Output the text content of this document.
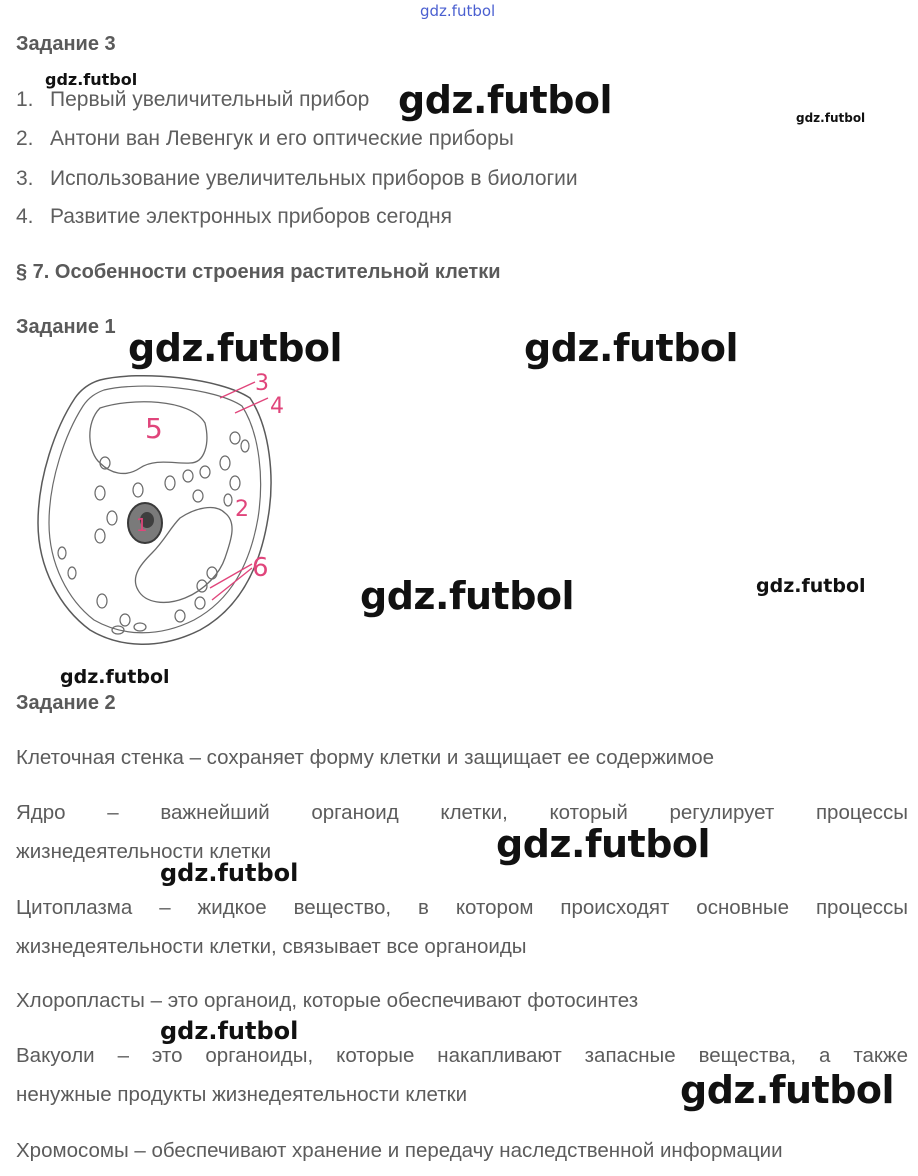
gdz.futbol
Задание 3
1. Первый увеличительный прибор
2. Антони ван Левенгук и его оптические приборы
3. Использование увеличительных приборов в биологии
4. Развитие электронных приборов сегодня
§ 7. Особенности строения растительной клетки
Задание 1
1
2
3
4
5
6
Задание 2
Клеточная стенка – сохраняет форму клетки и защищает ее содержимое
Ядро – важнейший органоид клетки, который регулирует процессы
жизнедеятельности клетки
Цитоплазма – жидкое вещество, в котором происходят основные процессы
жизнедеятельности клетки, связывает все органоиды
Хлоропласты – это органоид, которые обеспечивают фотосинтез
Вакуоли – это органоиды, которые накапливают запасные вещества, а также
ненужные продукты жизнедеятельности клетки
Хромосомы – обеспечивают хранение и передачу наследственной информации
gdz.futbol	gdz.futbol	gdz.futbol
gdz.futbol	gdz.futbol
gdz.futbol	gdz.futbol
gdz.futbol
gdz.futbol
gdz.futbol
gdz.futbol
gdz.futbol
